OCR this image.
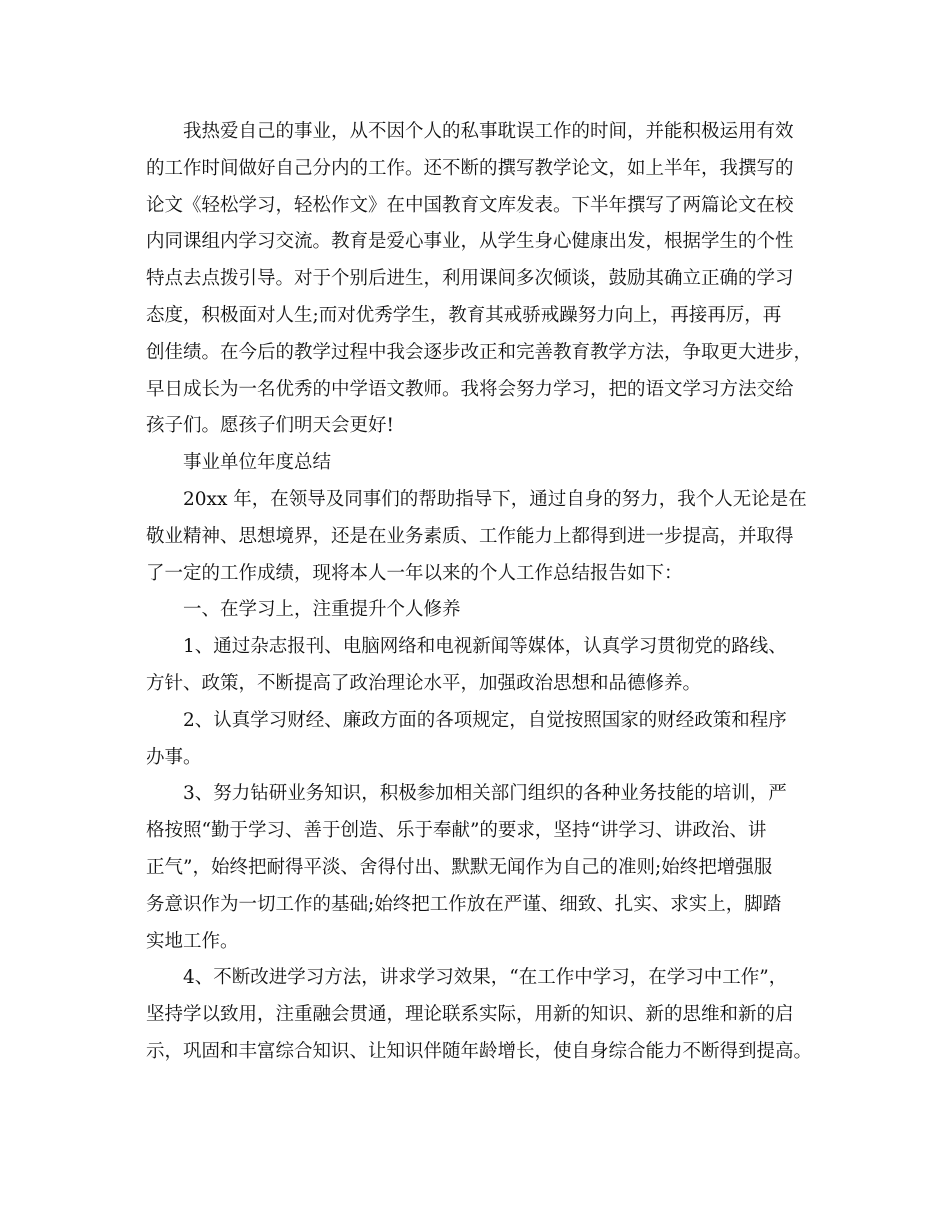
我热爱自己的事业，从不因个人的私事耽误工作的时间，并能积极运用有效
的工作时间做好自己分内的工作。还不断的撰写教学论文，如上半年，我撰写的
论文《轻松学习，轻松作文》在中国教育文库发表。下半年撰写了两篇论文在校
内同课组内学习交流。教育是爱心事业，从学生身心健康出发，根据学生的个性
特点去点拨引导。对于个别后进生，利用课间多次倾谈，鼓励其确立正确的学习
态度，积极面对人生;而对优秀学生，教育其戒骄戒躁努力向上，再接再厉，再
创佳绩。在今后的教学过程中我会逐步改正和完善教育教学方法，争取更大进步，
早日成长为一名优秀的中学语文教师。我将会努力学习，把的语文学习方法交给
孩子们。愿孩子们明天会更好!
事业单位年度总结
20xx 年，在领导及同事们的帮助指导下，通过自身的努力，我个人无论是在
敬业精神、思想境界，还是在业务素质、工作能力上都得到进一步提高，并取得
了一定的工作成绩，现将本人一年以来的个人工作总结报告如下：
一、在学习上，注重提升个人修养
1、通过杂志报刊、电脑网络和电视新闻等媒体，认真学习贯彻党的路线、
方针、政策，不断提高了政治理论水平，加强政治思想和品德修养。
2、认真学习财经、廉政方面的各项规定，自觉按照国家的财经政策和程序
办事。
3、努力钻研业务知识，积极参加相关部门组织的各种业务技能的培训，严
格按照“勤于学习、善于创造、乐于奉献”的要求，坚持“讲学习、讲政治、讲
正气”，始终把耐得平淡、舍得付出、默默无闻作为自己的准则;始终把增强服
务意识作为一切工作的基础;始终把工作放在严谨、细致、扎实、求实上，脚踏
实地工作。
4、不断改进学习方法，讲求学习效果，“在工作中学习，在学习中工作”，
坚持学以致用，注重融会贯通，理论联系实际，用新的知识、新的思维和新的启
示，巩固和丰富综合知识、让知识伴随年龄增长，使自身综合能力不断得到提高。
